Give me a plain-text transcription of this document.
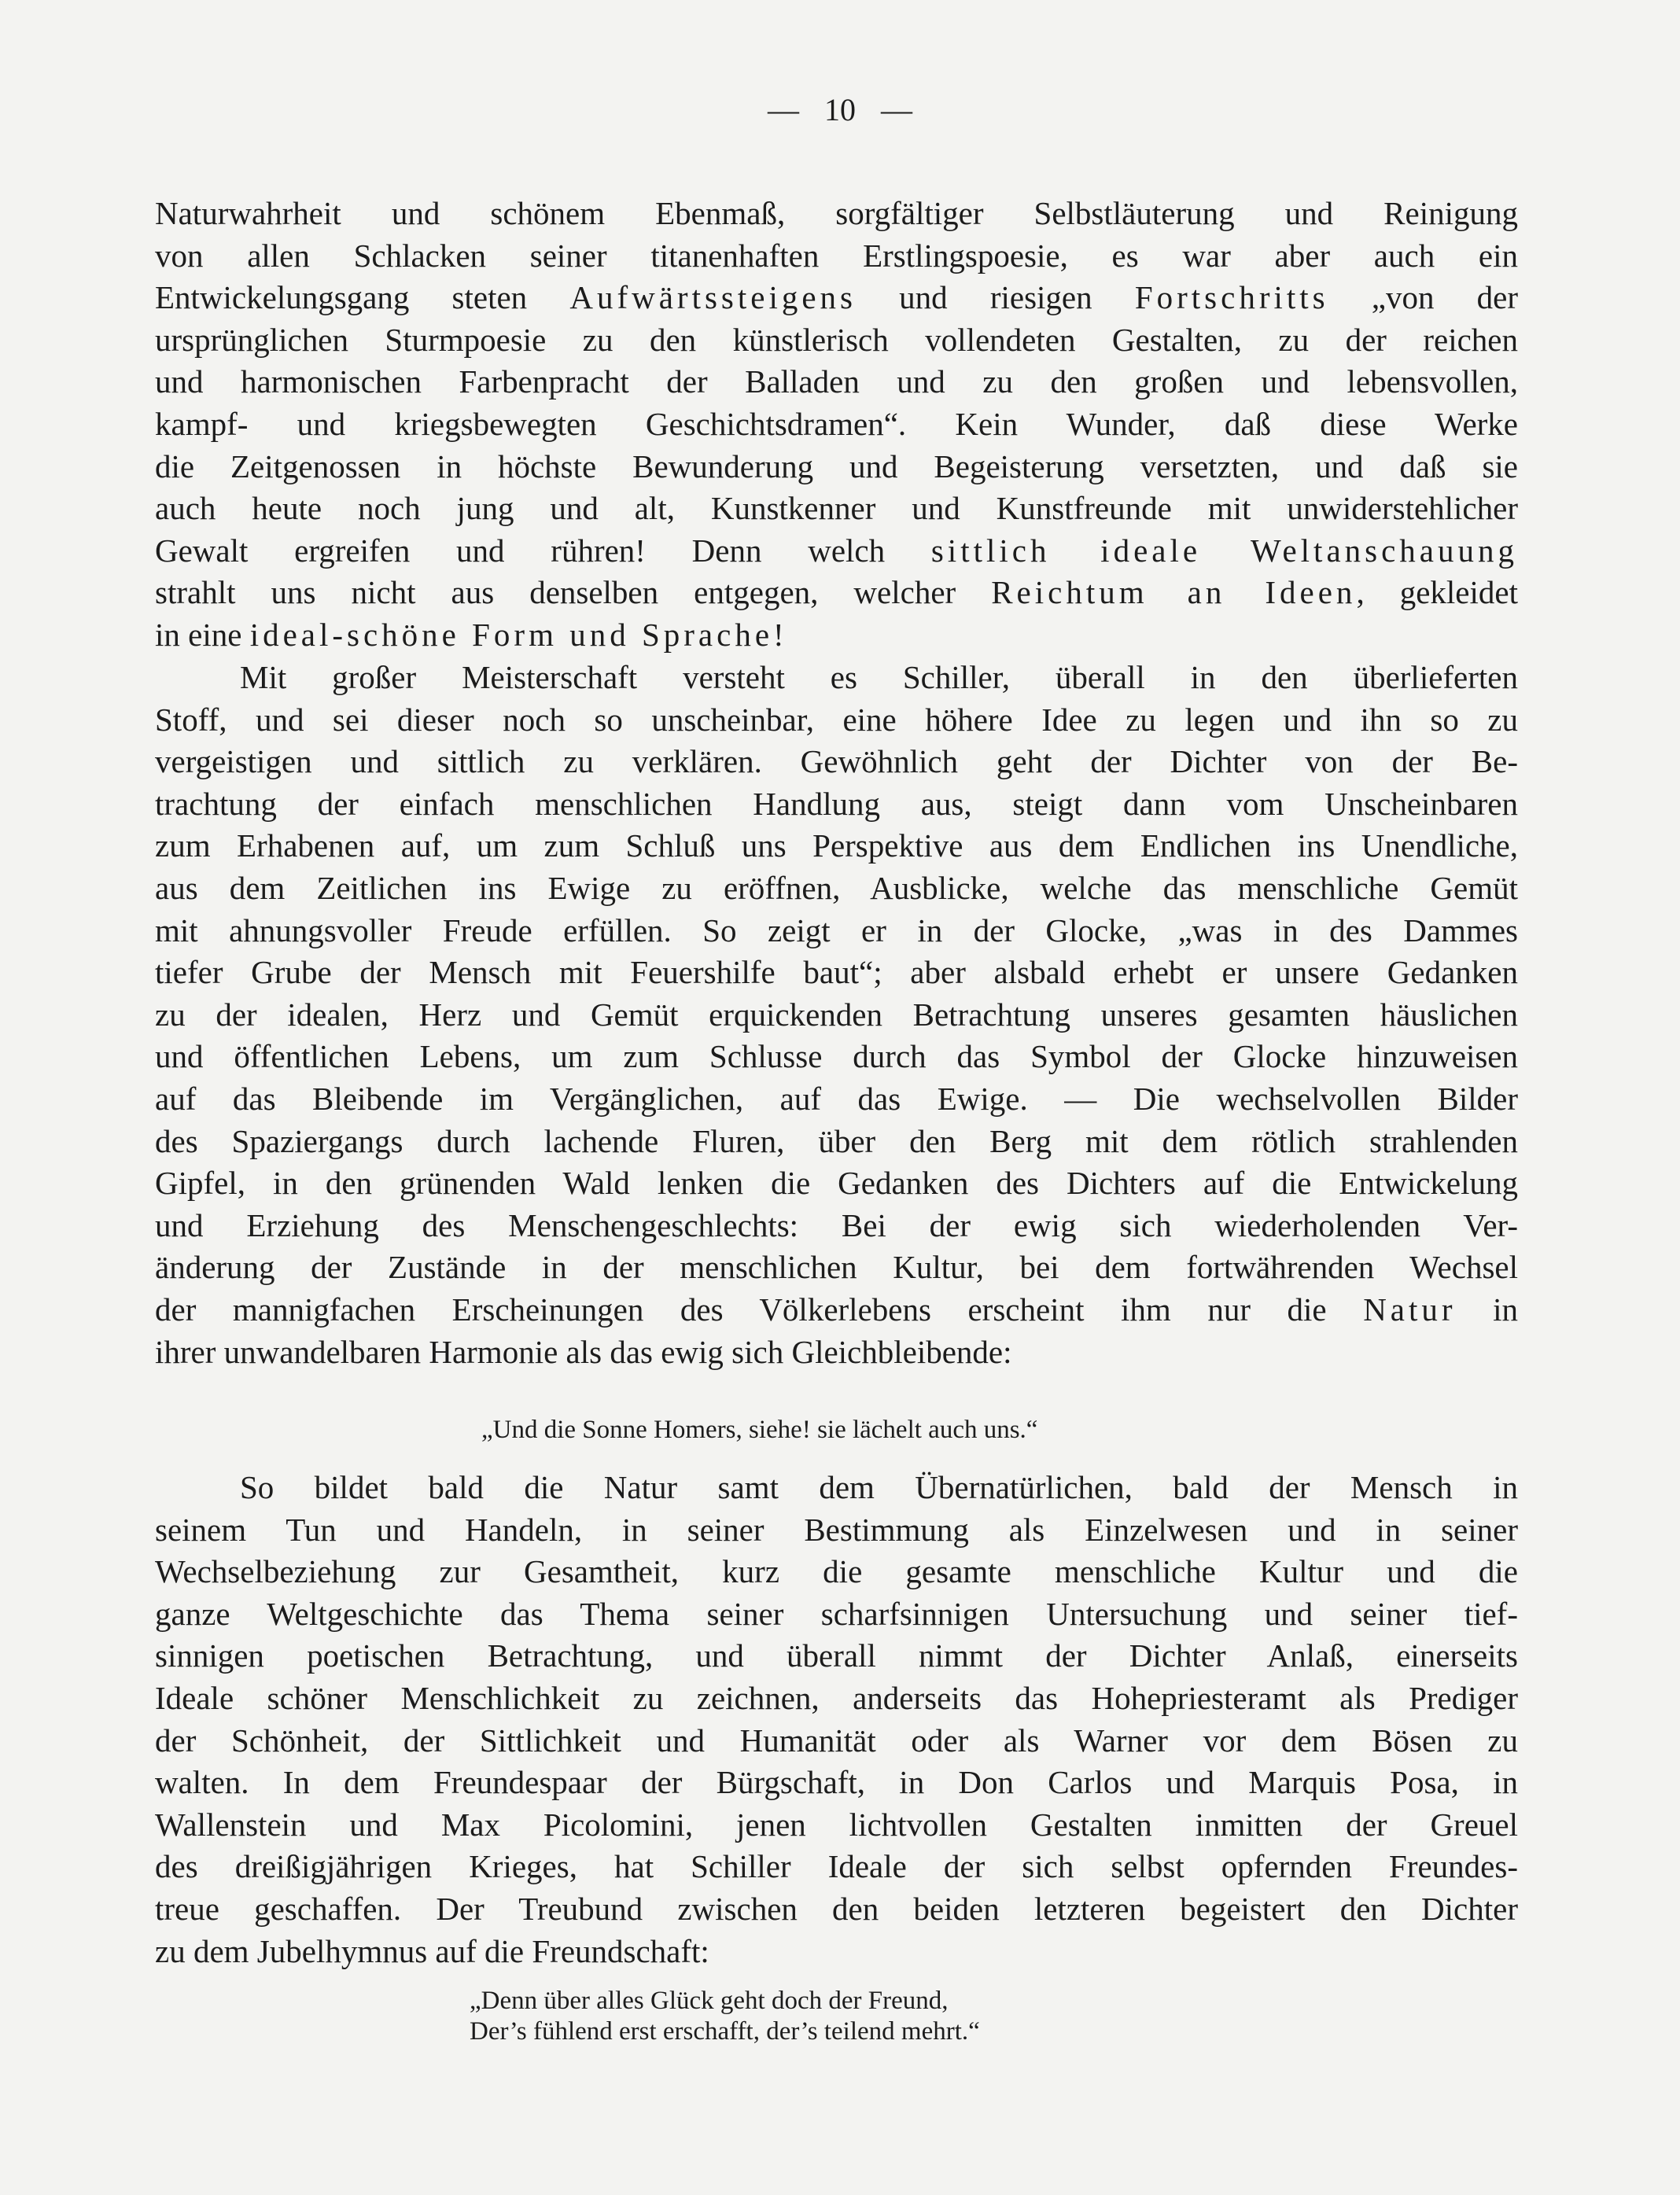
— 10 —
Naturwahrheit und schönem Ebenmaß, sorgfältiger Selbstläuterung und Reinigung
von allen Schlacken seiner titanenhaften Erstlingspoesie, es war aber auch ein
Entwickelungsgang steten Aufwärtssteigens und riesigen Fortschritts „von der
ursprünglichen Sturmpoesie zu den künstlerisch vollendeten Gestalten, zu der reichen
und harmonischen Farbenpracht der Balladen und zu den großen und lebensvollen,
kampf- und kriegsbewegten Geschichtsdramen“. Kein Wunder, daß diese Werke
die Zeitgenossen in höchste Bewunderung und Begeisterung versetzten, und daß sie
auch heute noch jung und alt, Kunstkenner und Kunstfreunde mit unwiderstehlicher
Gewalt ergreifen und rühren! Denn welch sittlich ideale Weltanschauung
strahlt uns nicht aus denselben entgegen, welcher Reichtum an Ideen, gekleidet
in eine ideal-schöne Form und Sprache!
Mit großer Meisterschaft versteht es Schiller, überall in den überlieferten
Stoff, und sei dieser noch so unscheinbar, eine höhere Idee zu legen und ihn so zu
vergeistigen und sittlich zu verklären. Gewöhnlich geht der Dichter von der Be-
trachtung der einfach menschlichen Handlung aus, steigt dann vom Unscheinbaren
zum Erhabenen auf, um zum Schluß uns Perspektive aus dem Endlichen ins Unendliche,
aus dem Zeitlichen ins Ewige zu eröffnen, Ausblicke, welche das menschliche Gemüt
mit ahnungsvoller Freude erfüllen. So zeigt er in der Glocke, „was in des Dammes
tiefer Grube der Mensch mit Feuershilfe baut“; aber alsbald erhebt er unsere Gedanken
zu der idealen, Herz und Gemüt erquickenden Betrachtung unseres gesamten häuslichen
und öffentlichen Lebens, um zum Schlusse durch das Symbol der Glocke hinzuweisen
auf das Bleibende im Vergänglichen, auf das Ewige. — Die wechselvollen Bilder
des Spaziergangs durch lachende Fluren, über den Berg mit dem rötlich strahlenden
Gipfel, in den grünenden Wald lenken die Gedanken des Dichters auf die Entwickelung
und Erziehung des Menschengeschlechts: Bei der ewig sich wiederholenden Ver-
änderung der Zustände in der menschlichen Kultur, bei dem fortwährenden Wechsel
der mannigfachen Erscheinungen des Völkerlebens erscheint ihm nur die Natur in
ihrer unwandelbaren Harmonie als das ewig sich Gleichbleibende:
So bildet bald die Natur samt dem Übernatürlichen, bald der Mensch in
seinem Tun und Handeln, in seiner Bestimmung als Einzelwesen und in seiner
Wechselbeziehung zur Gesamtheit, kurz die gesamte menschliche Kultur und die
ganze Weltgeschichte das Thema seiner scharfsinnigen Untersuchung und seiner tief-
sinnigen poetischen Betrachtung, und überall nimmt der Dichter Anlaß, einerseits
Ideale schöner Menschlichkeit zu zeichnen, anderseits das Hohepriesteramt als Prediger
der Schönheit, der Sittlichkeit und Humanität oder als Warner vor dem Bösen zu
walten. In dem Freundespaar der Bürgschaft, in Don Carlos und Marquis Posa, in
Wallenstein und Max Picolomini, jenen lichtvollen Gestalten inmitten der Greuel
des dreißigjährigen Krieges, hat Schiller Ideale der sich selbst opfernden Freundes-
treue geschaffen. Der Treubund zwischen den beiden letzteren begeistert den Dichter
zu dem Jubelhymnus auf die Freundschaft:
„Und die Sonne Homers, siehe! sie lächelt auch uns.“
„Denn über alles Glück geht doch der Freund,
Der’s fühlend erst erschafft, der’s teilend mehrt.“
